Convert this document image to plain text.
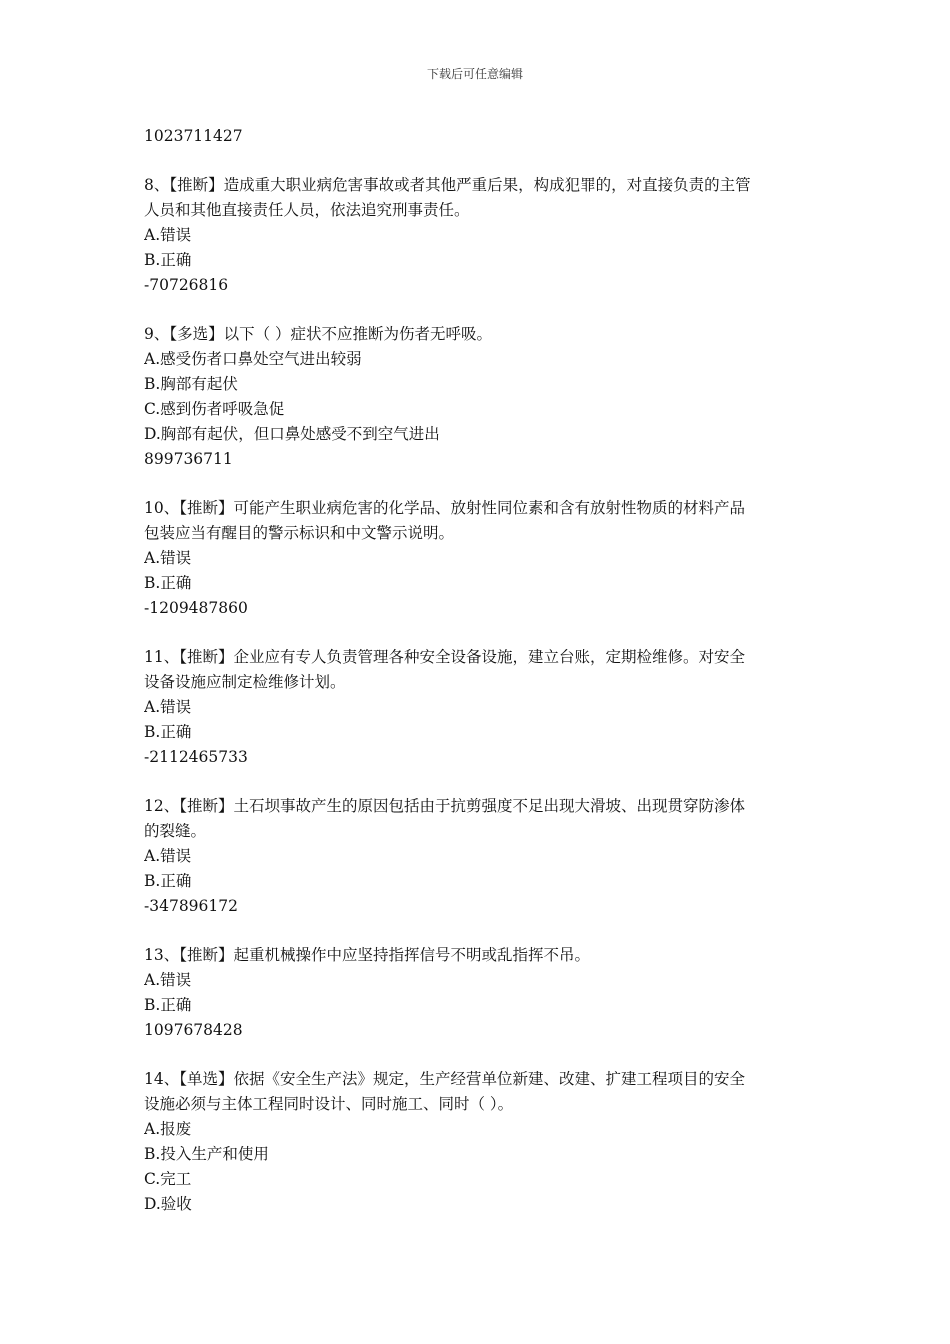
下载后可任意编辑
1023711427
8、【推断】造成重大职业病危害事故或者其他严重后果，构成犯罪的，对直接负责的主管
人员和其他直接责任人员，依法追究刑事责任。
A.错误
B.正确
-70726816
9、【多选】以下（ ）症状不应推断为伤者无呼吸。
A.感受伤者口鼻处空气进出较弱
B.胸部有起伏
C.感到伤者呼吸急促
D.胸部有起伏，但口鼻处感受不到空气进出
899736711
10、【推断】可能产生职业病危害的化学品、放射性同位素和含有放射性物质的材料产品
包装应当有醒目的警示标识和中文警示说明。
A.错误
B.正确
-1209487860
11、【推断】企业应有专人负责管理各种安全设备设施，建立台账，定期检维修。对安全
设备设施应制定检维修计划。
A.错误
B.正确
-2112465733
12、【推断】土石坝事故产生的原因包括由于抗剪强度不足出现大滑坡、出现贯穿防渗体
的裂缝。
A.错误
B.正确
-347896172
13、【推断】起重机械操作中应坚持指挥信号不明或乱指挥不吊。
A.错误
B.正确
1097678428
14、【单选】依据《安全生产法》规定，生产经营单位新建、改建、扩建工程项目的安全
设施必须与主体工程同时设计、同时施工、同时（ ）。
A.报废
B.投入生产和使用
C.完工
D.验收
